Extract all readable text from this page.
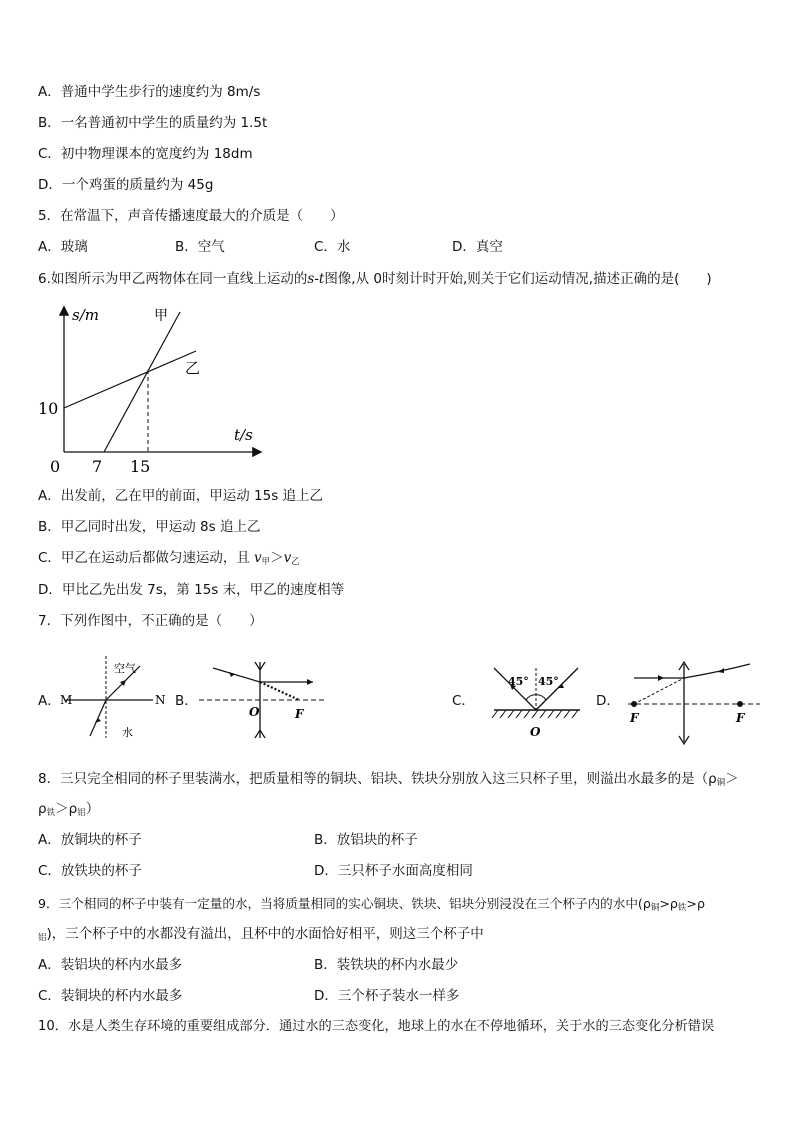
A．普通中学生步行的速度约为 8m/s
B．一名普通初中学生的质量约为 1.5t
C．初中物理课本的宽度约为 18dm
D．一个鸡蛋的质量约为 45g
5．在常温下，声音传播速度最大的介质是（　　）
A．玻璃	B．空气	C．水	D．真空
6.如图所示为甲乙两物体在同一直线上运动的s-t图像,从 0时刻计时开始,则关于它们运动情况,描述正确的是(　　)
s/m
t/s
甲
乙
10
0 7 15
A．出发前，乙在甲的前面，甲运动 15s 追上乙
B．甲乙同时出发，甲运动 8s 追上乙
C．甲乙在运动后都做匀速运动，且 $v_甲>v_乙$
D．甲比乙先出发 7s，第 15s 末，甲乙的速度相等
7．下列作图中，不正确的是（　　）
A．
空气
水
M	N B．
O	F
C．
45° 45°
O
D．
F	F
8．三只完全相同的杯子里装满水，把质量相等的铜块、铝块、铁块分别放入这三只杯子里，则溢出水最多的是（$\rho_铜>$
$\rho_铁>\rho_铝$）
A．放铜块的杯子	B．放铝块的杯子
C．放铁块的杯子	D．三只杯子水面高度相同
9．三个相同的杯子中装有一定量的水，当将质量相同的实心铜块、铁块、铝块分别浸没在三个杯子内的水中($\rho_铜>\rho_铁>\rho$
$_铝$)，三个杯子中的水都没有溢出，且杯中的水面恰好相平，则这三个杯子中
A．装铝块的杯内水最多	B．装铁块的杯内水最少
C．装铜块的杯内水最多	D．三个杯子装水一样多
10．水是人类生存环境的重要组成部分．通过水的三态变化，地球上的水在不停地循环，关于水的三态变化分析错误
